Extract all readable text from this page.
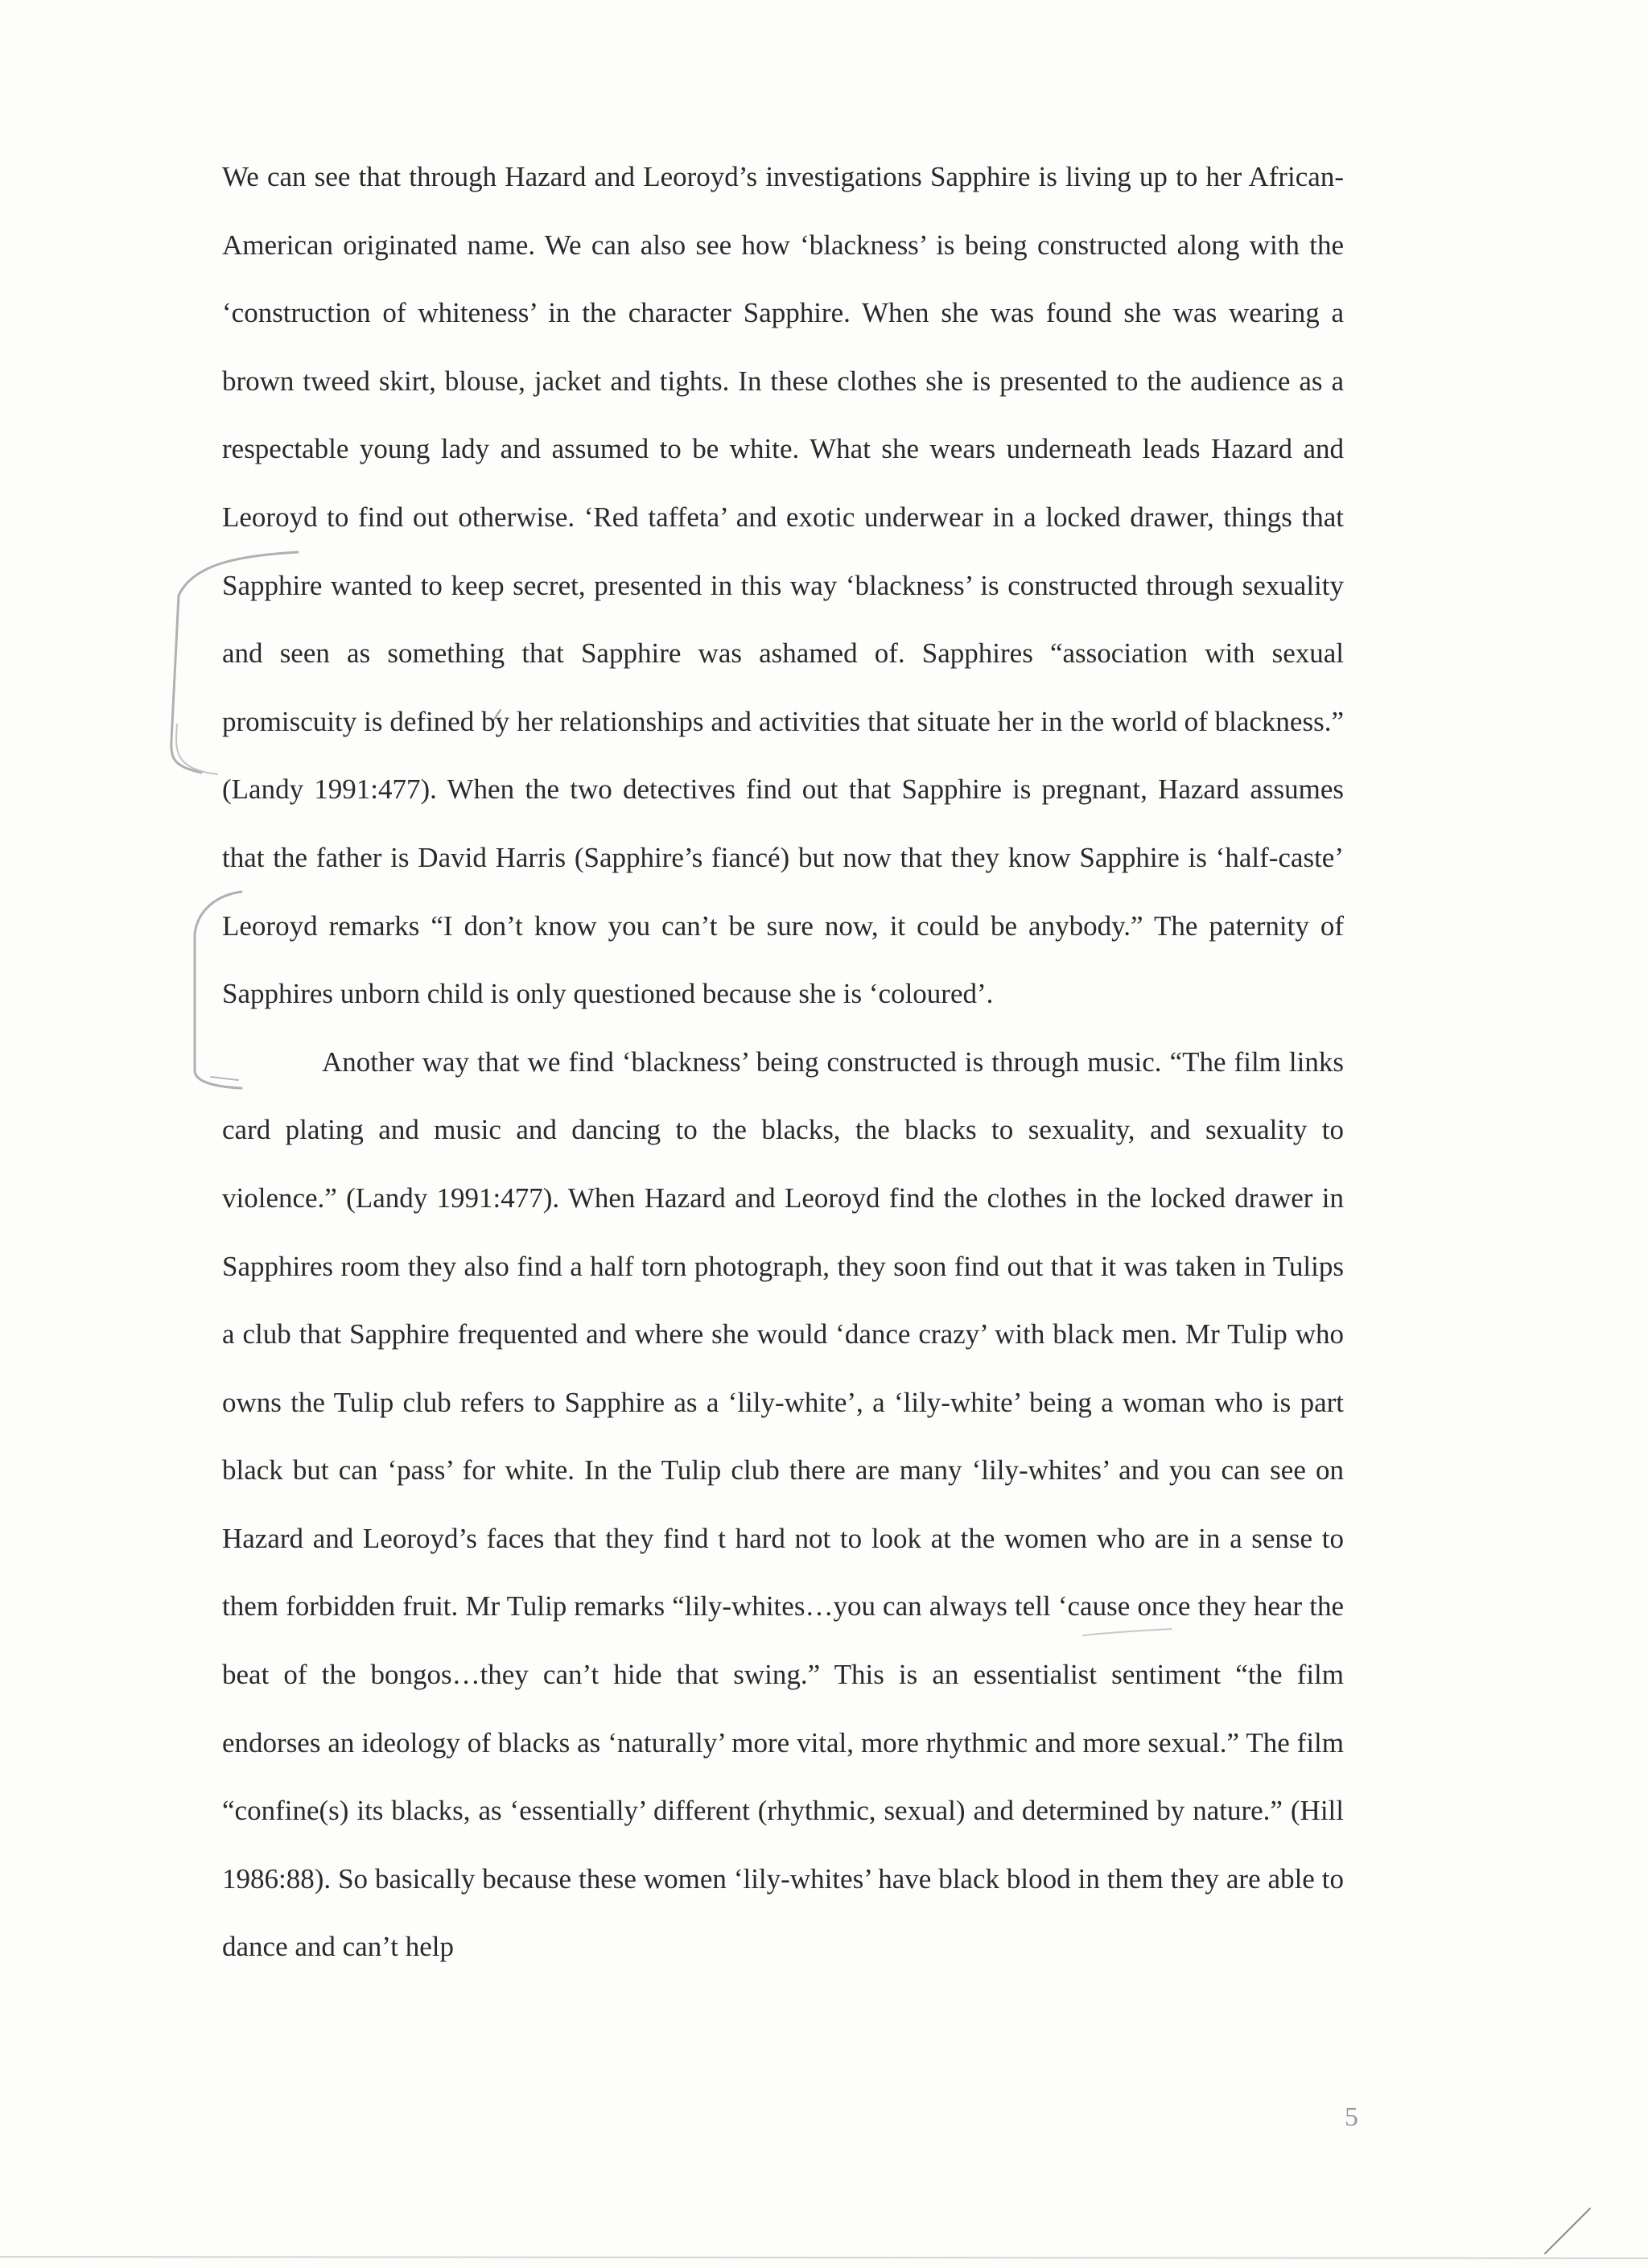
We can see that through Hazard and Leoroyd’s investigations Sapphire is living up to her African-American originated name. We can also see how ‘blackness’ is being constructed along with the ‘construction of whiteness’ in the character Sapphire. When she was found she was wearing a brown tweed skirt, blouse, jacket and tights. In these clothes she is presented to the audience as a respectable young lady and assumed to be white. What she wears underneath leads Hazard and Leoroyd to find out otherwise. ‘Red taffeta’ and exotic underwear in a locked drawer, things that Sapphire wanted to keep secret, presented in this way ‘blackness’ is constructed through sexuality and seen as something that Sapphire was ashamed of. Sapphires “association with sexual promiscuity is defined by her relationships and activities that situate her in the world of blackness.” (Landy 1991:477). When the two detectives find out that Sapphire is pregnant, Hazard assumes that the father is David Harris (Sapphire’s fiancé) but now that they know Sapphire is ‘half-caste’ Leoroyd remarks “I don’t know you can’t be sure now, it could be anybody.” The paternity of Sapphires unborn child is only questioned because she is ‘coloured’.

Another way that we find ‘blackness’ being constructed is through music. “The film links card plating and music and dancing to the blacks, the blacks to sexuality, and sexuality to violence.” (Landy 1991:477). When Hazard and Leoroyd find the clothes in the locked drawer in Sapphires room they also find a half torn photograph, they soon find out that it was taken in Tulips a club that Sapphire frequented and where she would ‘dance crazy’ with black men. Mr Tulip who owns the Tulip club refers to Sapphire as a ‘lily-white’, a ‘lily-white’ being a woman who is part black but can ‘pass’ for white. In the Tulip club there are many ‘lily-whites’ and you can see on Hazard and Leoroyd’s faces that they find t hard not to look at the women who are in a sense to them forbidden fruit. Mr Tulip remarks “lily-whites…you can always tell ‘cause once they hear the beat of the bongos…they can’t hide that swing.” This is an essentialist sentiment “the film endorses an ideology of blacks as ‘naturally’ more vital, more rhythmic and more sexual.” The film “confine(s) its blacks, as ‘essentially’ different (rhythmic, sexual) and determined by nature.” (Hill 1986:88). So basically because these women ‘lily-whites’ have black blood in them they are able to dance and can’t help

5
